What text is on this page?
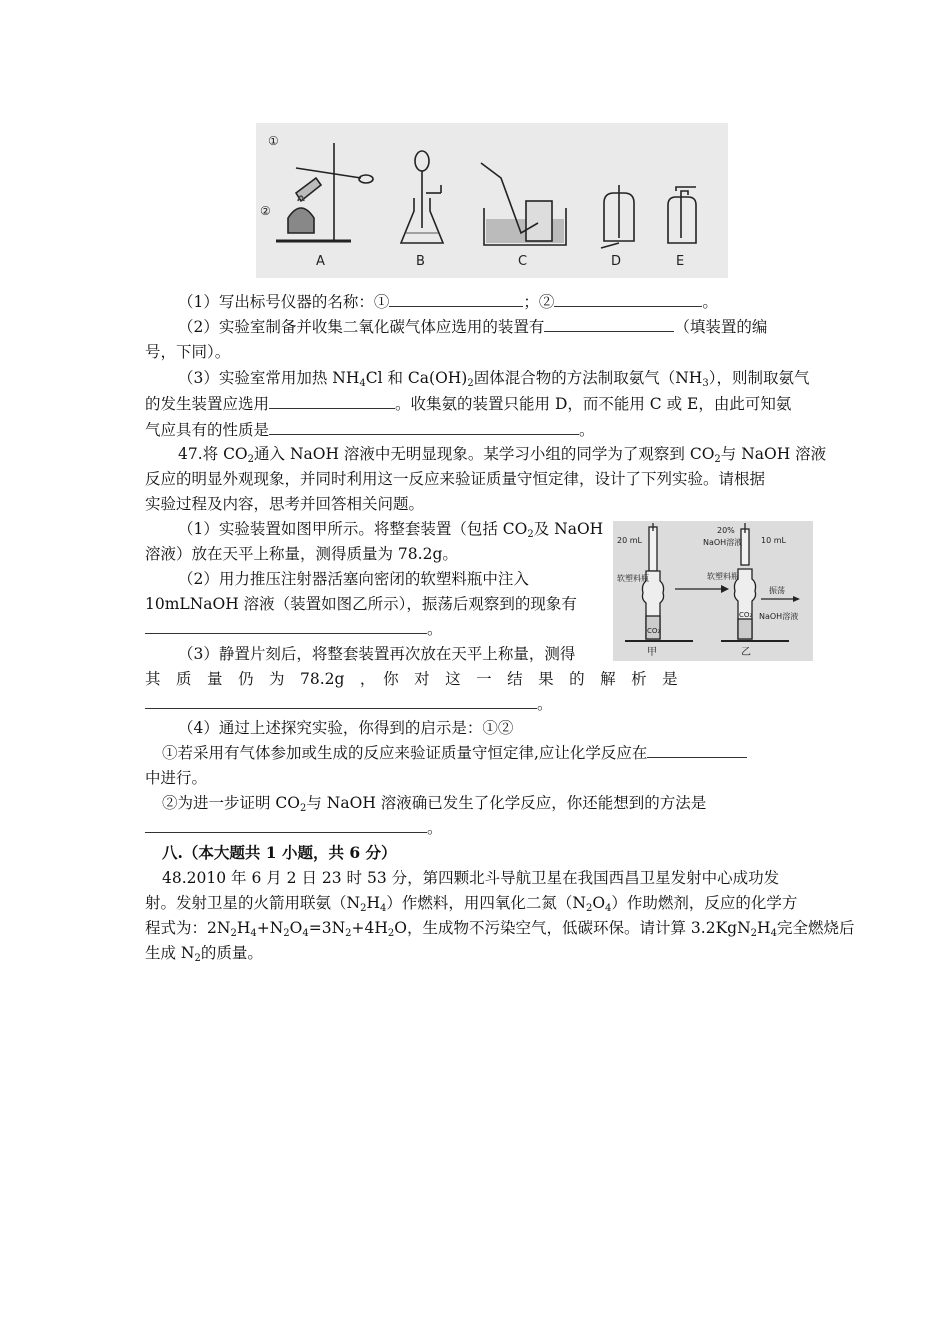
①
②
A	B	C	D	E
（1）写出标号仪器的名称：①	；②	。
（2）实验室制备并收集二氧化碳气体应选用的装置有	（填装置的编
号，下同）。
（3）实验室常用加热 $NH_4Cl$ 和 $Ca(OH)_2$固体混合物的方法制取氨气$(NH_3)$，则制取氨气
的发生装置应选用	。收集氨的装置只能用 D，而不能用 C 或 E，由此可知氨
气应具有的性质是	。
47.将 $CO_2$通入 NaOH 溶液中无明显现象。某学习小组的同学为了观察到 $CO_2$与 NaOH 溶液
反应的明显外观现象，并同时利用这一反应来验证质量守恒定律，设计了下列实验。请根据
实验过程及内容，思考并回答相关问题。
（1）实验装置如图甲所示。将整套装置（包括 $CO_2$及 NaOH
溶液）放在天平上称量，测得质量为 78.2g。
（2）用力推压注射器活塞向密闭的软塑料瓶中注入
10mLNaOH 溶液（装置如图乙所示），振荡后观察到的现象有
。
（3）静置片刻后，将整套装置再次放在天平上称量，测得
其　质　量　仍　为　78.2g　，　你　对　这　一　结　果　的　解　析　是
。
（4）通过上述探究实验，你得到的启示是：①②
①若采用有气体参加或生成的反应来验证质量守恒定律,应让化学反应在
中进行。
②为进一步证明 $CO_2$与 NaOH 溶液确已发生了化学反应，你还能想到的方法是
。
20 mL
20%
NaOH溶液 10 mL
软塑料瓶	软塑料瓶
CO₂
CO₂
振荡
NaOH溶液
甲	乙
八.（本大题共 1 小题，共 6 分）
48.2010 年 6 月 2 日 23 时 53 分，第四颗北斗导航卫星在我国西昌卫星发射中心成功发
射。发射卫星的火箭用联氨$(N_2H_4)$作燃料，用四氧化二氮$(N_2O_4)$作助燃剂，反应的化学方
程式为：$2N_2H_4+N_2O_4=3N_2+4H_2O$，生成物不污染空气，低碳环保。请计算 $3.2KgN_2H_4$完全燃烧后
生成 $N_2$的质量。
